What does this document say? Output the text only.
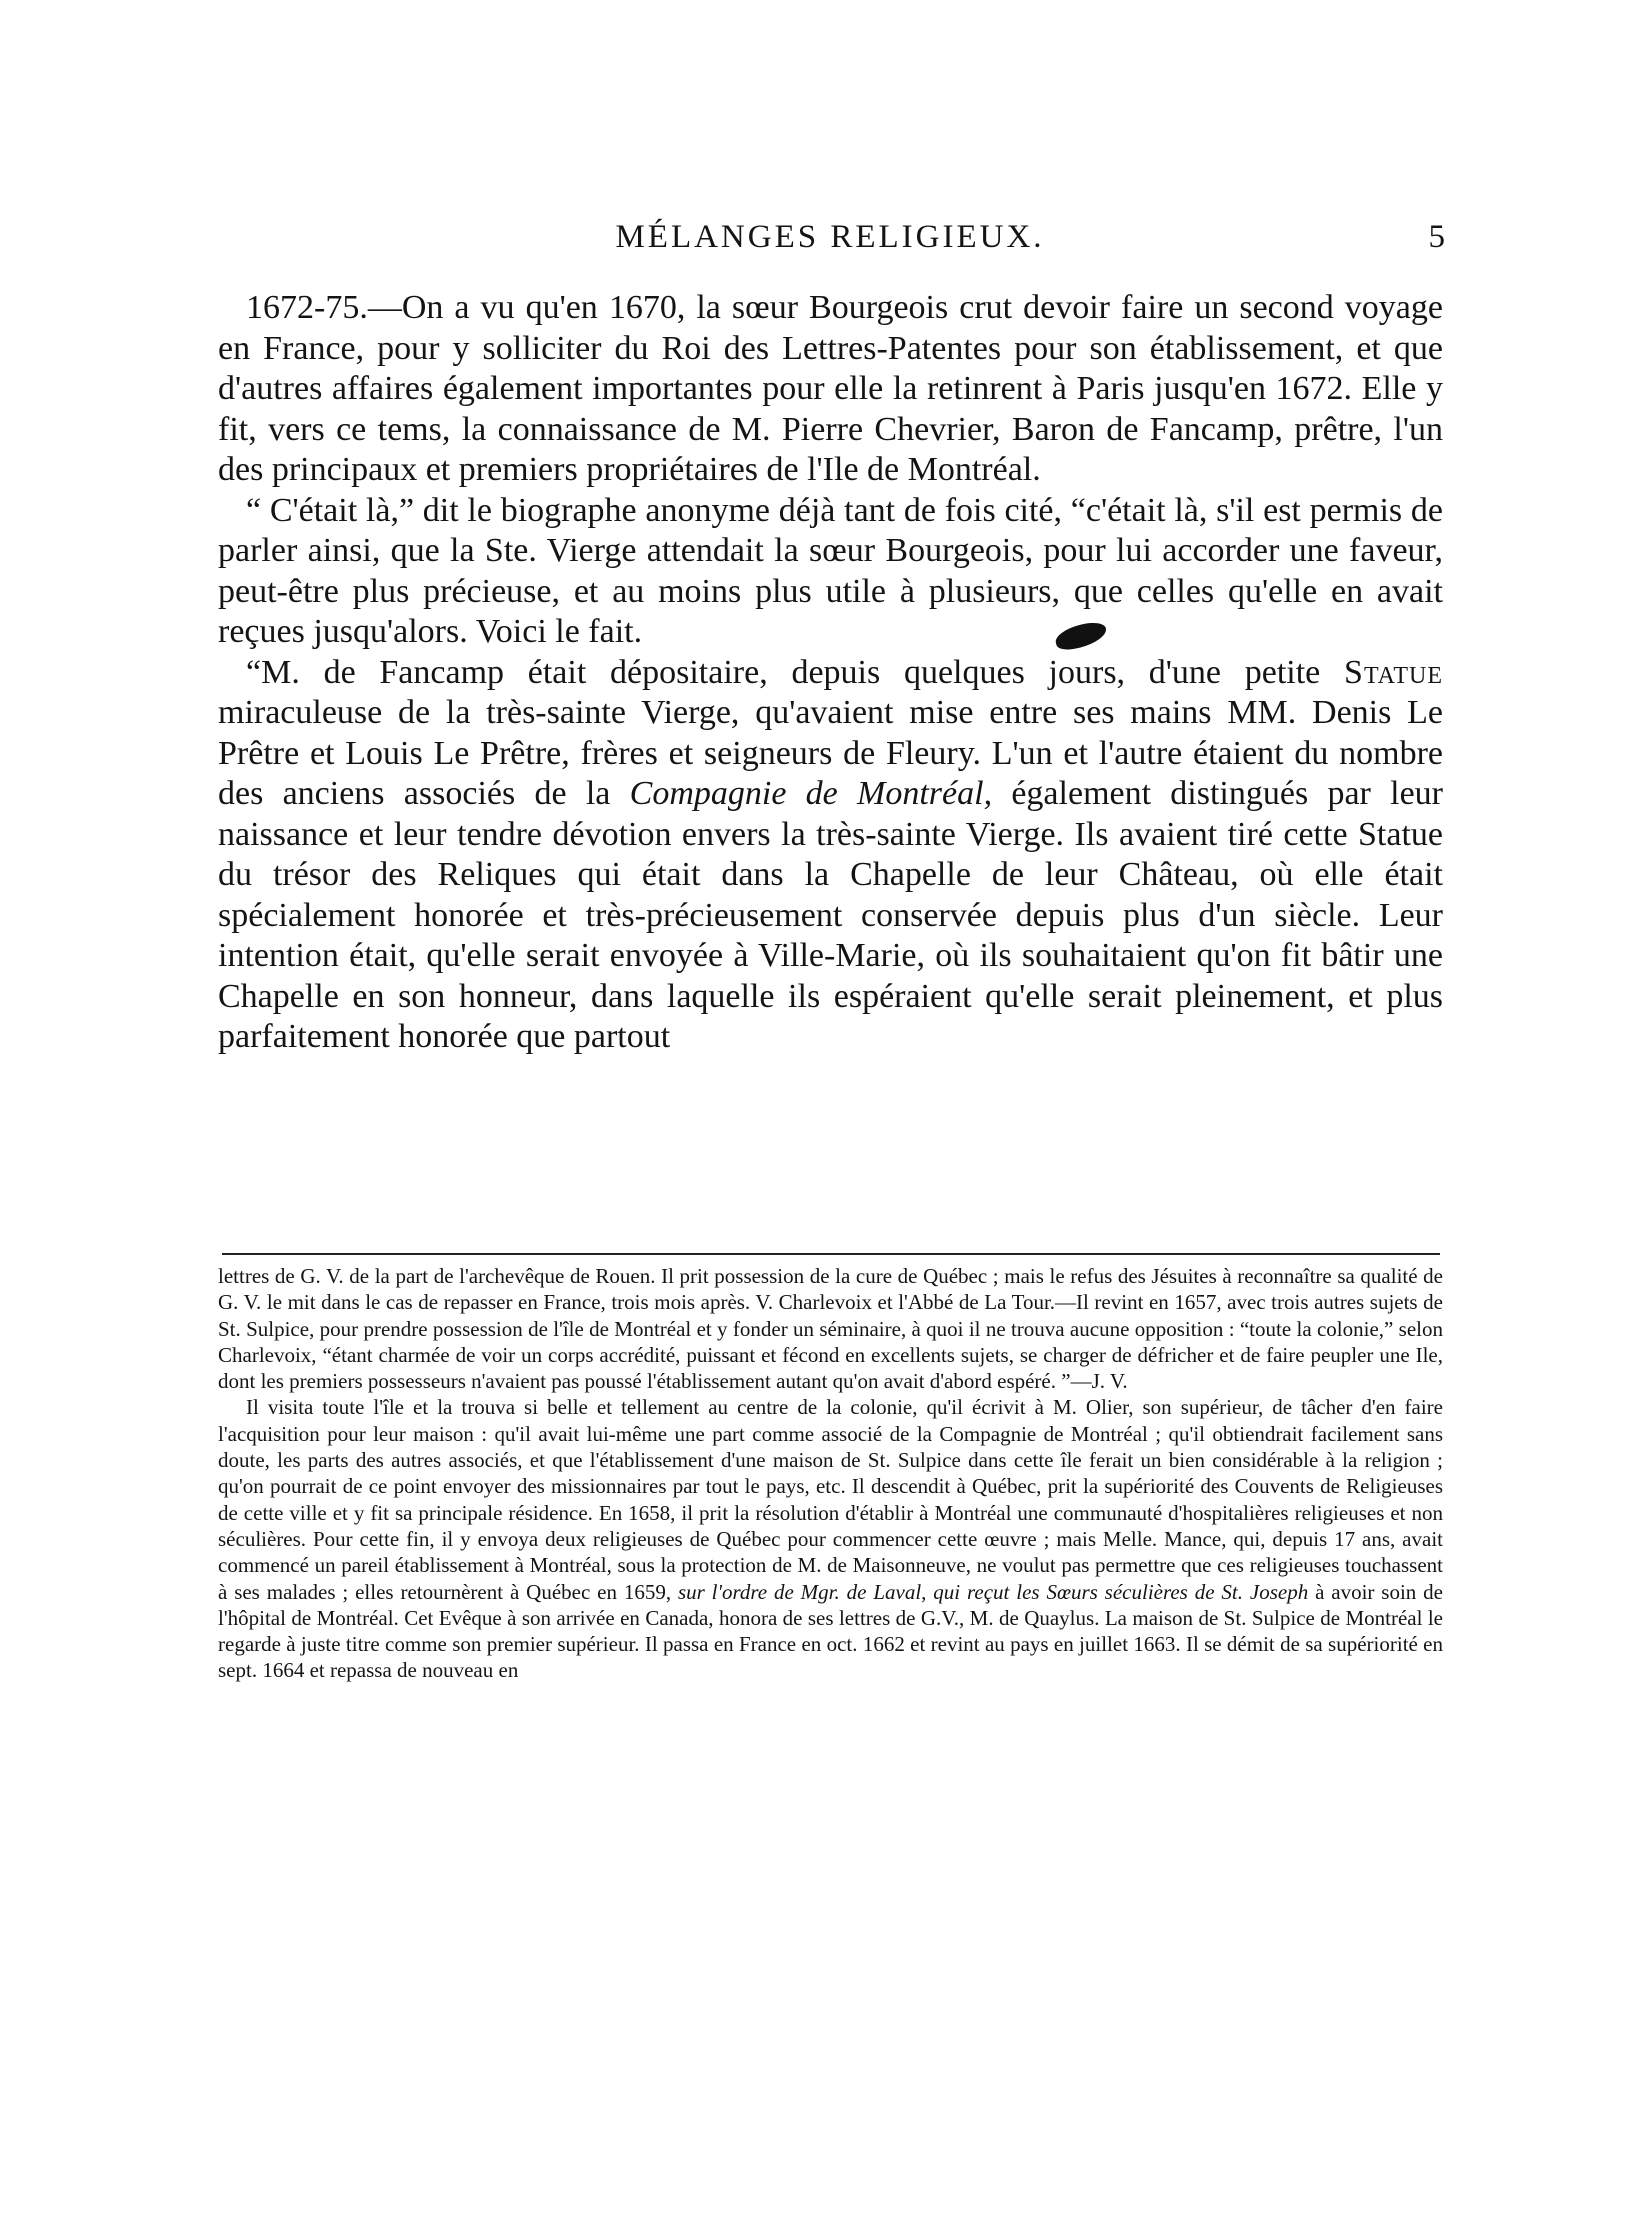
MÉLANGES RELIGIEUX.	5

1672-75.—On a vu qu'en 1670, la sœur Bourgeois crut devoir faire un second voyage en France, pour y solliciter du Roi des Lettres-Patentes pour son établissement, et que d'autres affaires également importantes pour elle la retinrent à Paris jusqu'en 1672. Elle y fit, vers ce tems, la connaissance de M. Pierre Chevrier, Baron de Fancamp, prêtre, l'un des principaux et premiers propriétaires de l'Ile de Montréal.

“ C'était là,” dit le biographe anonyme déjà tant de fois cité, “c'était là, s'il est permis de parler ainsi, que la Ste. Vierge attendait la sœur Bourgeois, pour lui accorder une faveur, peut-être plus précieuse, et au moins plus utile à plusieurs, que celles qu'elle en avait reçues jusqu'alors. Voici le fait.

“M. de Fancamp était dépositaire, depuis quelques jours, d'une petite Statue miraculeuse de la très-sainte Vierge, qu'avaient mise entre ses mains MM. Denis Le Prêtre et Louis Le Prêtre, frères et seigneurs de Fleury. L'un et l'autre étaient du nombre des anciens associés de la Compagnie de Montréal, également distingués par leur naissance et leur tendre dévotion envers la très-sainte Vierge. Ils avaient tiré cette Statue du trésor des Reliques qui était dans la Chapelle de leur Château, où elle était spécialement honorée et très-précieusement conservée depuis plus d'un siècle. Leur intention était, qu'elle serait envoyée à Ville-Marie, où ils souhaitaient qu'on fit bâtir une Chapelle en son honneur, dans laquelle ils espéraient qu'elle serait pleinement, et plus parfaitement honorée que partout

lettres de G. V. de la part de l'archevêque de Rouen. Il prit possession de la cure de Québec ; mais le refus des Jésuites à reconnaître sa qualité de G. V. le mit dans le cas de repasser en France, trois mois après. V. Charlevoix et l'Abbé de La Tour.—Il revint en 1657, avec trois autres sujets de St. Sulpice, pour prendre possession de l'île de Montréal et y fonder un séminaire, à quoi il ne trouva aucune opposition : “toute la colonie,” selon Charlevoix, “étant charmée de voir un corps accrédité, puissant et fécond en excellents sujets, se charger de défricher et de faire peupler une Ile, dont les premiers possesseurs n'avaient pas poussé l'établissement autant qu'on avait d'abord espéré. ”—J. V.

Il visita toute l'île et la trouva si belle et tellement au centre de la colonie, qu'il écrivit à M. Olier, son supérieur, de tâcher d'en faire l'acquisition pour leur maison : qu'il avait lui-même une part comme associé de la Compagnie de Montréal ; qu'il obtiendrait facilement sans doute, les parts des autres associés, et que l'établissement d'une maison de St. Sulpice dans cette île ferait un bien considérable à la religion ; qu'on pourrait de ce point envoyer des missionnaires par tout le pays, etc. Il descendit à Québec, prit la supériorité des Couvents de Religieuses de cette ville et y fit sa principale résidence. En 1658, il prit la résolution d'établir à Montréal une communauté d'hospitalières religieuses et non séculières. Pour cette fin, il y envoya deux religieuses de Québec pour commencer cette œuvre ; mais Melle. Mance, qui, depuis 17 ans, avait commencé un pareil établissement à Montréal, sous la protection de M. de Maisonneuve, ne voulut pas permettre que ces religieuses touchassent à ses malades ; elles retournèrent à Québec en 1659, sur l'ordre de Mgr. de Laval, qui reçut les Sœurs séculières de St. Joseph à avoir soin de l'hôpital de Montréal. Cet Evêque à son arrivée en Canada, honora de ses lettres de G.V., M. de Quaylus. La maison de St. Sulpice de Montréal le regarde à juste titre comme son premier supérieur. Il passa en France en oct. 1662 et revint au pays en juillet 1663. Il se démit de sa supériorité en sept. 1664 et repassa de nouveau en
